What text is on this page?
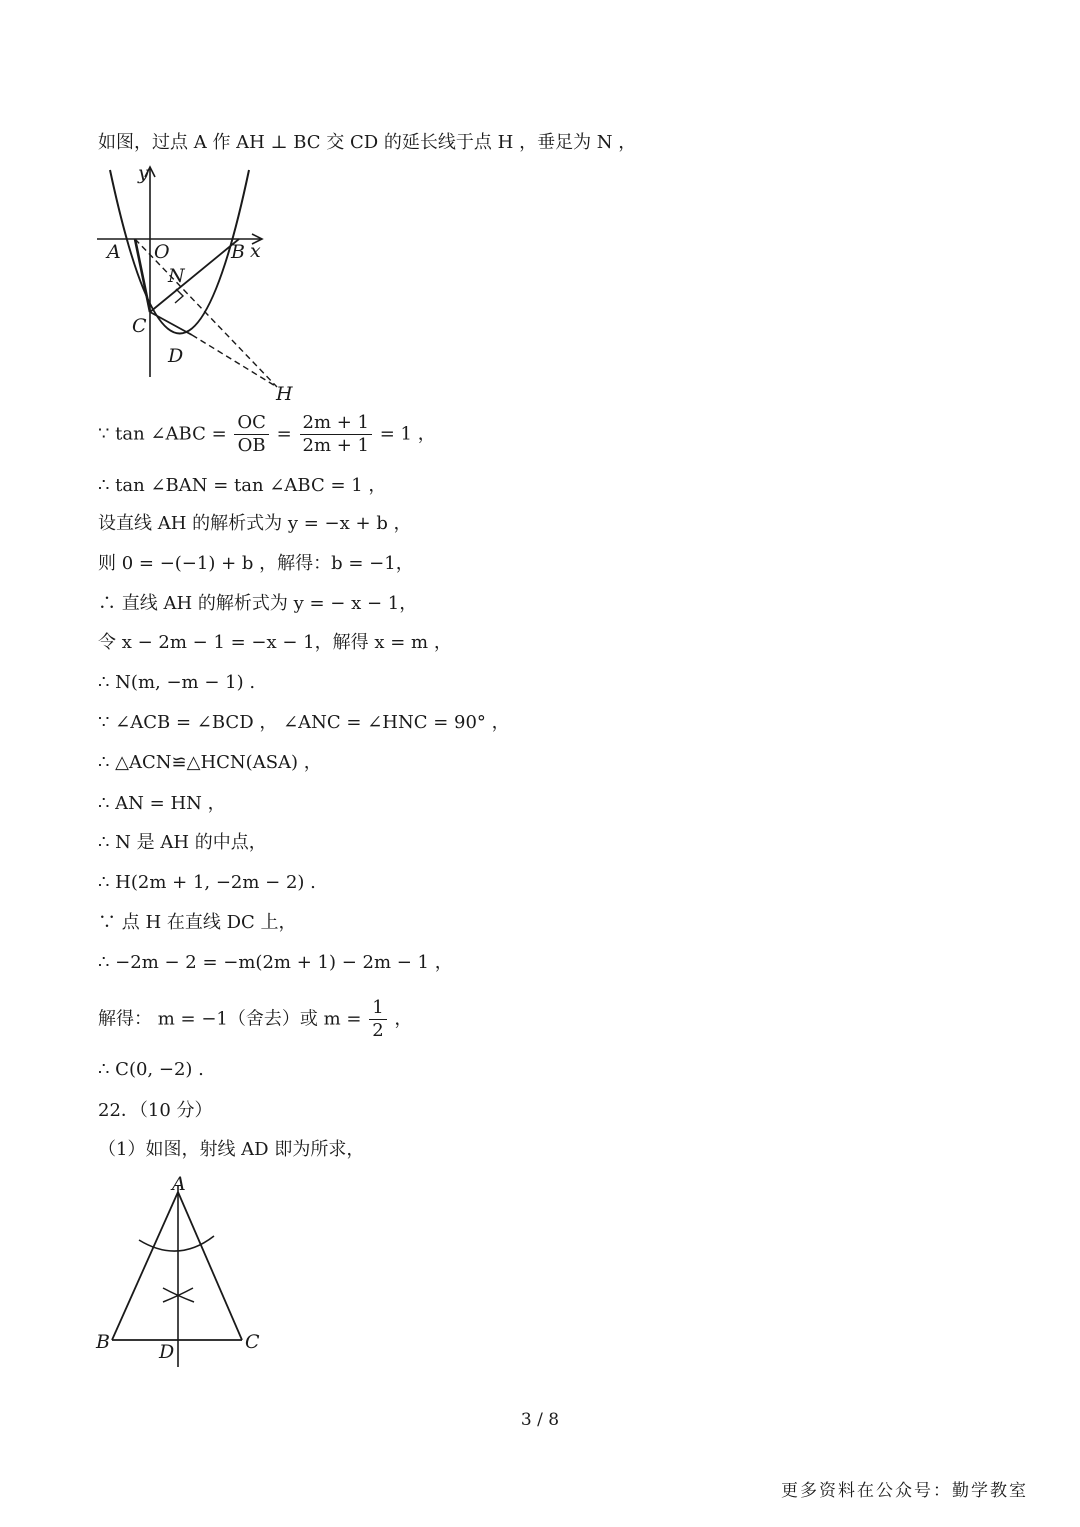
如图，过点 A 作 AH ⊥ BC 交 CD 的延长线于点 H ，垂足为 N ，
y
x
A O	B
N
C
D
H
∵ tan ∠ABC = $\frac{OC}{OB} = \frac{2m + 1}{2m + 1} = 1$ ，
∴ tan ∠BAN = tan ∠ABC = 1 ，
设直线 AH 的解析式为 y = −x + b ，
则 0 = −(−1) + b ，解得：b = −1，
∴ 直线 AH 的解析式为 y = − x − 1，
令 x − 2m − 1 = −x − 1，解得 x = m ，
∴ N(m, −m − 1) .
∵ ∠ACB = ∠BCD ， ∠ANC = ∠HNC = 90° ，
∴ △ACN≌△HCN(ASA) ，
∴ AN = HN ，
∴ N 是 AH 的中点，
∴ H(2m + 1, −2m − 2) .
∵ 点 H 在直线 DC 上，
∴ −2m − 2 = −m(2m + 1) − 2m − 1 ，
解得： m = −1（舍去）或 $m = \frac{1}{2}$ ，
∴ C(0, −2) .
22．（10 分）
（1）如图，射线 AD 即为所求，
A
B	C
D
3 / 8
更多资料在公众号：勤学教室
